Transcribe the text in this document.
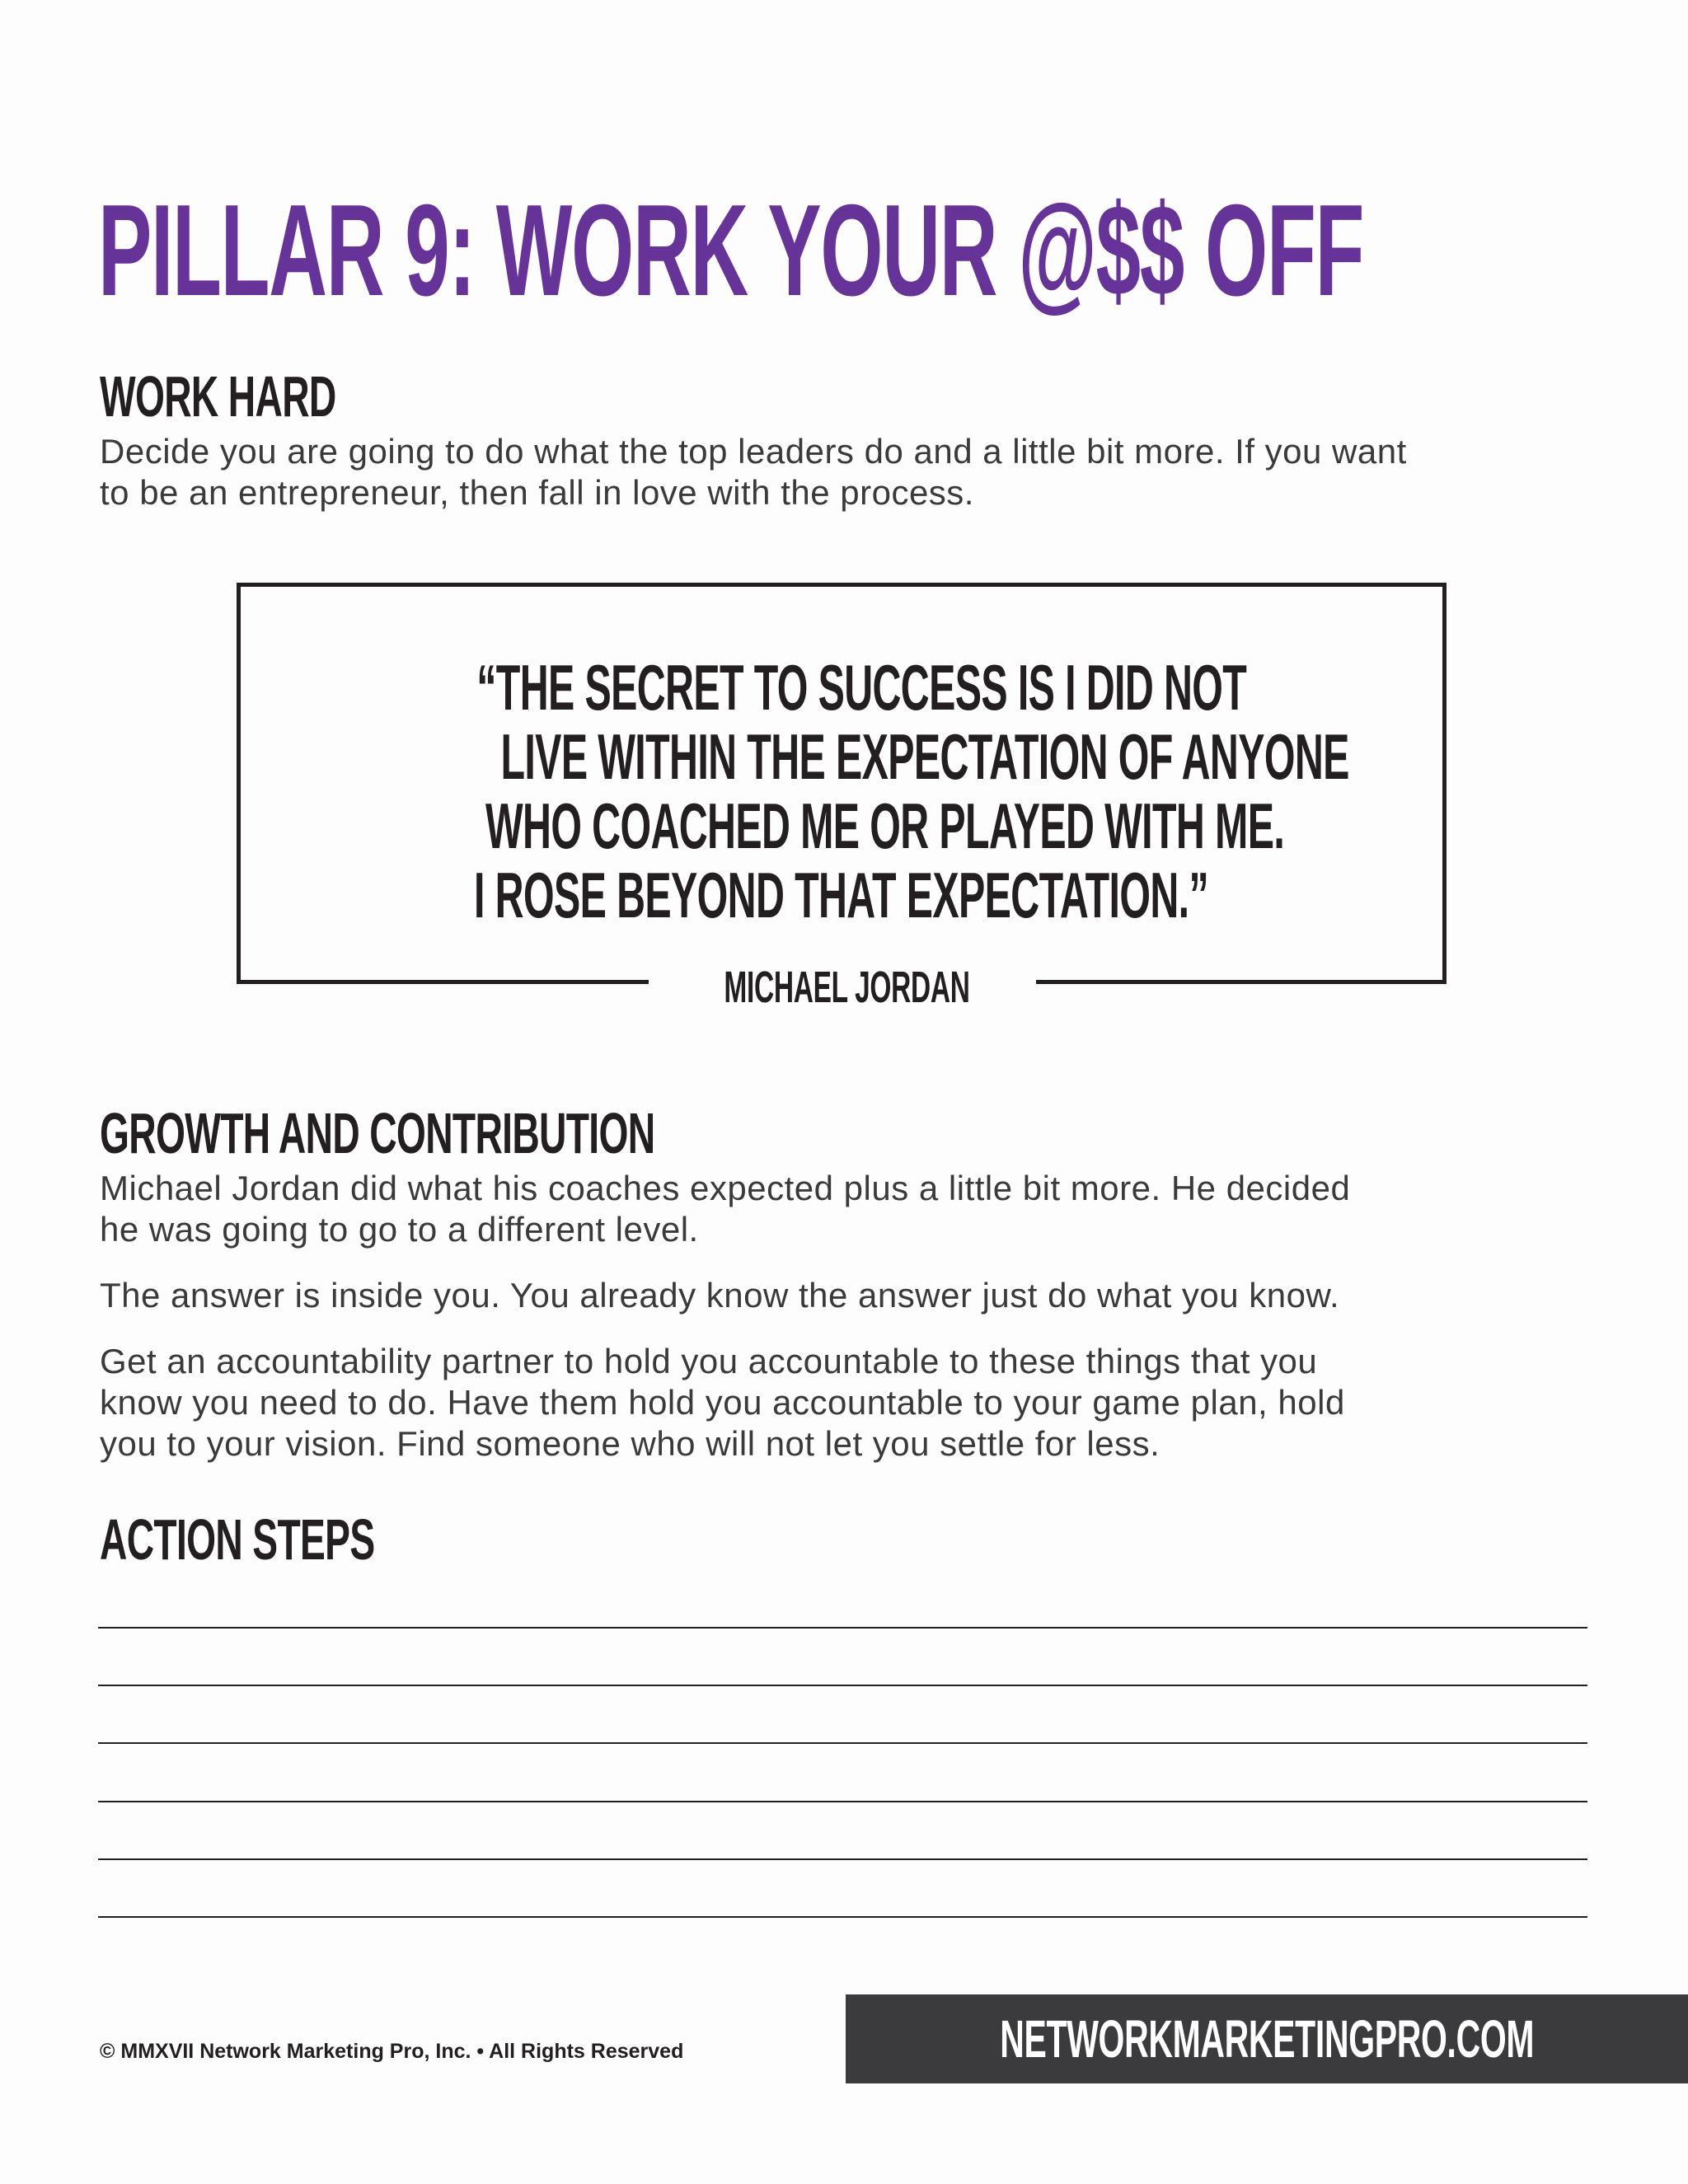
PILLAR 9: WORK YOUR @$$ OFF
WORK HARD
Decide you are going to do what the top leaders do and a little bit more. If you want
to be an entrepreneur, then fall in love with the process.
“THE SECRET TO SUCCESS IS I DID NOT
LIVE WITHIN THE EXPECTATION OF ANYONE
WHO COACHED ME OR PLAYED WITH ME.
I ROSE BEYOND THAT EXPECTATION.”
MICHAEL JORDAN
GROWTH AND CONTRIBUTION
Michael Jordan did what his coaches expected plus a little bit more. He decided
he was going to go to a different level.
The answer is inside you. You already know the answer just do what you know.
Get an accountability partner to hold you accountable to these things that you
know you need to do. Have them hold you accountable to your game plan, hold
you to your vision. Find someone who will not let you settle for less.
ACTION STEPS
© MMXVII Network Marketing Pro, Inc. • All Rights Reserved	NETWORKMARKETINGPRO.COM
